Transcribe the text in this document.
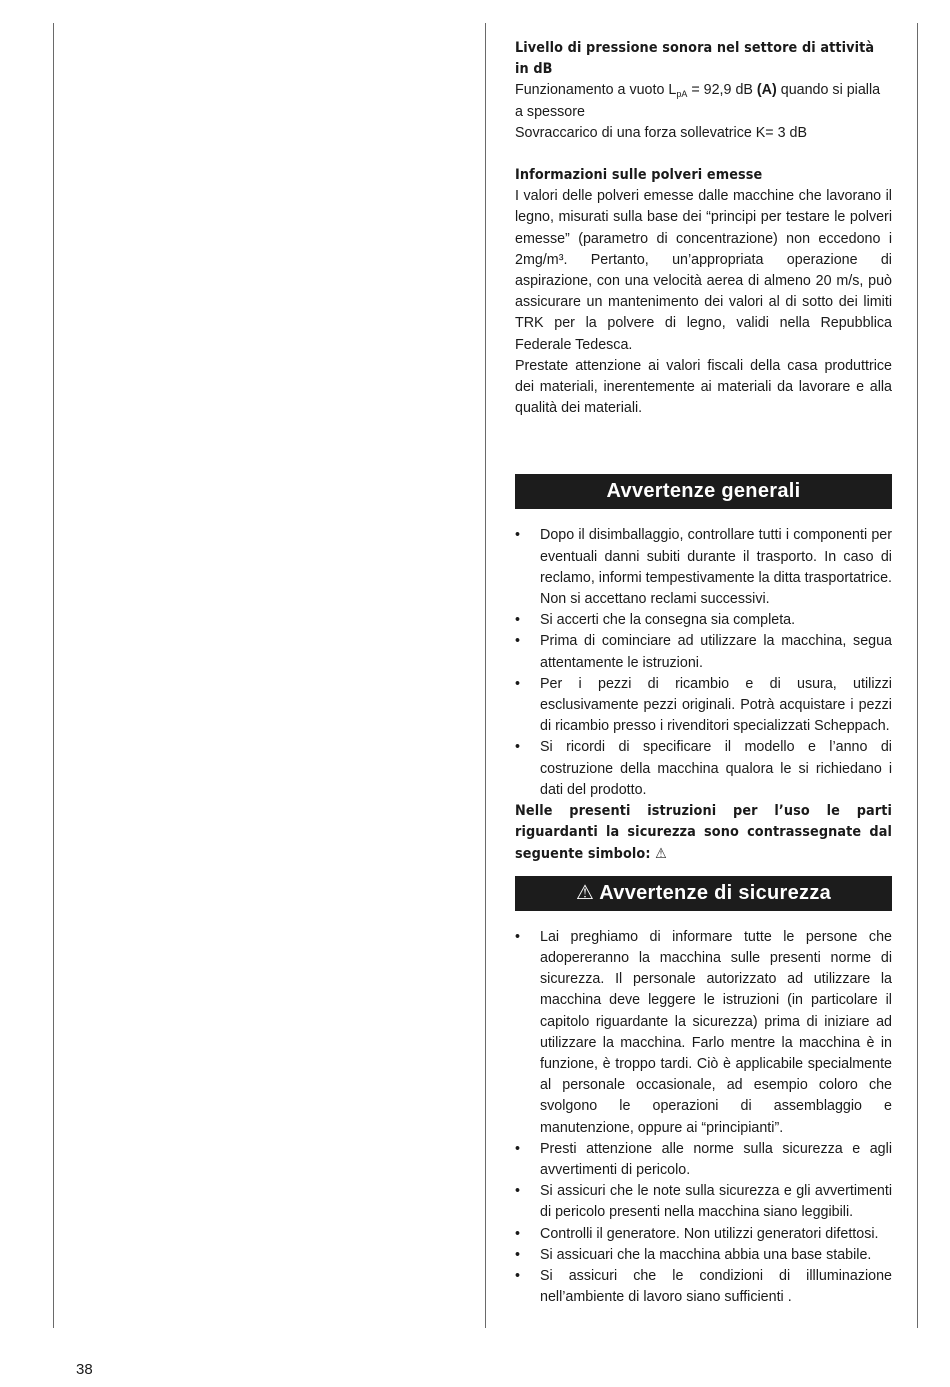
Livello di pressione sonora nel settore di attività in dB

Funzionamento a vuoto $L_{pA} = 92,9$ dB (A) quando si pialla a spessore

Sovraccarico di una forza sollevatrice K= 3 dB

Informazioni sulle polveri emesse

I valori delle polveri emesse dalle macchine che lavorano il legno, misurati sulla base dei “principi per testare le polveri emesse” (parametro di concentrazione) non eccedono i 2mg/m³. Pertanto, un’appropriata operazione di aspirazione, con una velocità aerea di almeno 20 m/s, può assicurare un mantenimento dei valori al di sotto dei limiti TRK per la polvere di legno, validi nella Repubblica Federale Tedesca.

Prestate attenzione ai valori fiscali della casa produttrice dei materiali, inerentemente ai materiali da lavorare e alla qualità dei materiali.

Avvertenze generali
• Dopo il disimballaggio, controllare tutti i componenti per eventuali danni subiti durante il trasporto. In caso di reclamo, informi tempestivamente la ditta trasportatrice. Non si accettano reclami successivi.
• Si accerti che la consegna sia completa.
• Prima di cominciare ad utilizzare la macchina, segua attentamente le istruzioni.
• Per i pezzi di ricambio e di usura, utilizzi esclusivamente pezzi originali. Potrà acquistare i pezzi di ricambio presso i rivenditori specializzati Scheppach.
• Si ricordi di specificare il modello e l’anno di costruzione della macchina qualora le si richiedano i dati del prodotto.

Nelle presenti istruzioni per l’uso le parti riguardanti la sicurezza sono contrassegnate dal seguente simbolo: ⚠

⚠ Avvertenze di sicurezza
• Lai preghiamo di informare tutte le persone che adopereranno la macchina sulle presenti norme di sicurezza. Il personale autorizzato ad utilizzare la macchina deve leggere le istruzioni (in particolare il capitolo riguardante la sicurezza) prima di iniziare ad utilizzare la macchina. Farlo mentre la macchina è in funzione, è troppo tardi. Ciò è applicabile specialmente al personale occasionale, ad esempio coloro che svolgono le operazioni di assemblaggio e manutenzione, oppure ai “principianti”.
• Presti attenzione alle norme sulla sicurezza e agli avvertimenti di pericolo.
• Si assicuri che le note sulla sicurezza e gli avvertimenti di pericolo presenti nella macchina siano leggibili.
• Controlli il generatore. Non utilizzi generatori difettosi.
• Si assicuari che la macchina abbia una base stabile.
• Si assicuri che le condizioni di illluminazione nell’ambiente di lavoro siano sufficienti .
38
